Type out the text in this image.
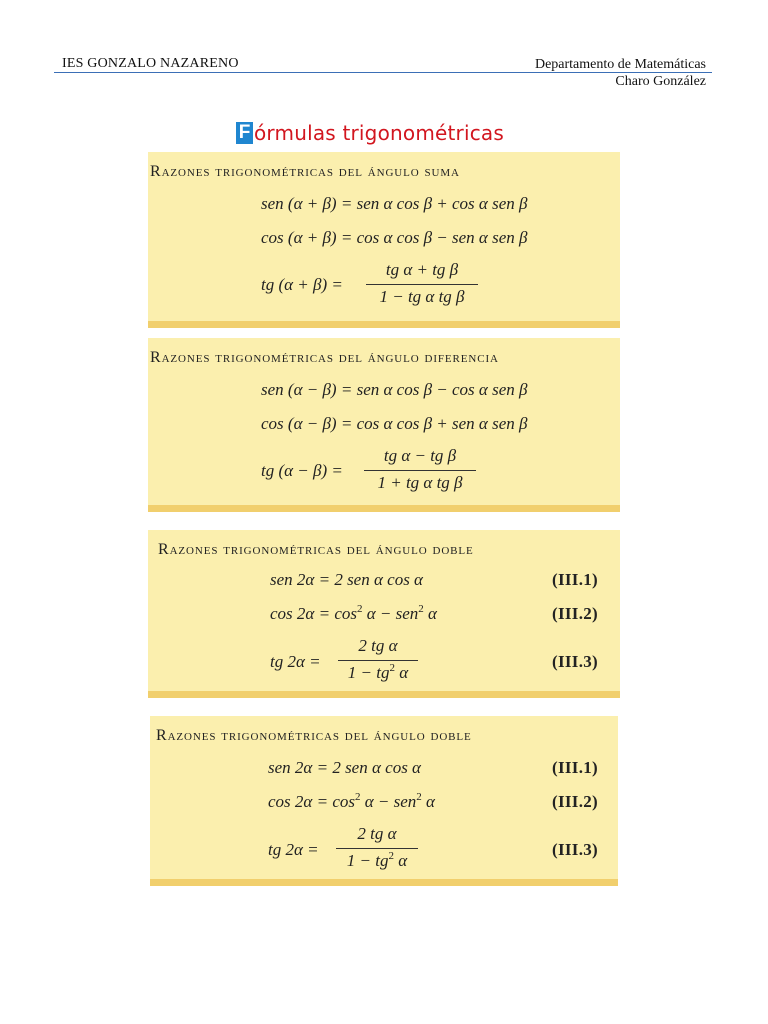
IES GONZALO NAZARENO	Departamento de Matemáticas
Charo González
F órmulas trigonométricas
Razones trigonométricas del ángulo suma
sen (α + β) = sen α cos β + cos α sen β
cos (α + β) = cos α cos β − sen α sen β
tg (α + β) =
tg α + tg β
1 − tg α tg β
Razones trigonométricas del ángulo diferencia
sen (α − β) = sen α cos β − cos α sen β
cos (α − β) = cos α cos β + sen α sen β
tg (α − β) =
tg α − tg β
1 + tg α tg β
Razones trigonométricas del ángulo doble
sen 2α = 2 sen α cos α	(III.1)
$\cos 2\alpha = \cos^2 \alpha - sen^2$ α	(III.2)
tg 2α =
2 tg α
$1 - tg^2$ α
(III.3)
Razones trigonométricas del ángulo doble
sen 2α = 2 sen α cos α	(III.1)
$\cos 2\alpha = \cos^2 \alpha - sen^2$ α	(III.2)
tg 2α =
2 tg α
$1 - tg^2$ α
(III.3)
